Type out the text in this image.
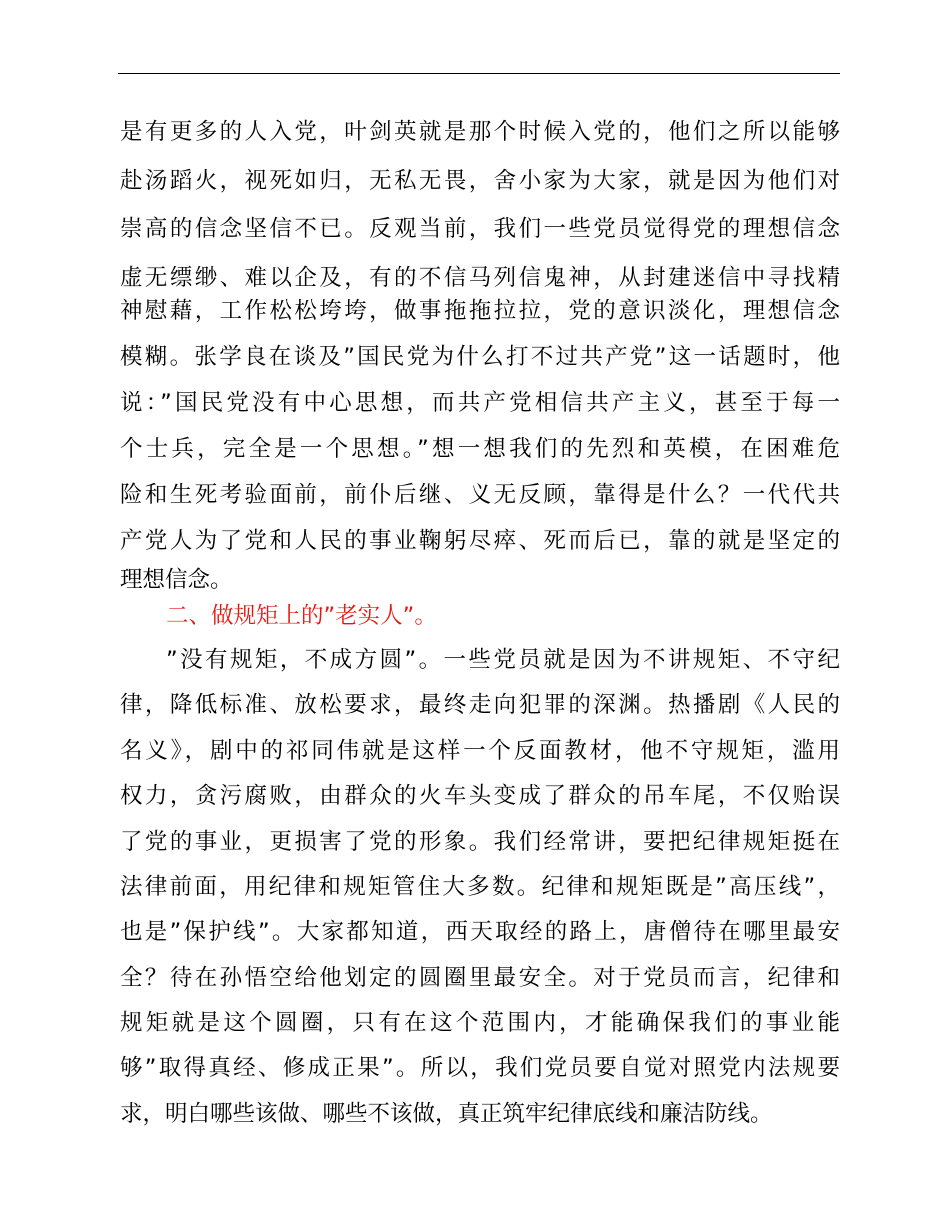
是有更多的人入党，叶剑英就是那个时候入党的，他们之所以能够
赴汤蹈火，视死如归，无私无畏，舍小家为大家，就是因为他们对
崇高的信念坚信不已。反观当前，我们一些党员觉得党的理想信念
虚无缥缈、难以企及，有的不信马列信鬼神，从封建迷信中寻找精
神慰藉，工作松松垮垮，做事拖拖拉拉，党的意识淡化，理想信念
模糊。张学良在谈及”国民党为什么打不过共产党”这一话题时，他
说：”国民党没有中心思想，而共产党相信共产主义，甚至于每一
个士兵，完全是一个思想。”想一想我们的先烈和英模，在困难危
险和生死考验面前，前仆后继、义无反顾，靠得是什么？一代代共
产党人为了党和人民的事业鞠躬尽瘁、死而后已，靠的就是坚定的
理想信念。
二、做规矩上的”老实人”。
”没有规矩，不成方圆”。一些党员就是因为不讲规矩、不守纪
律，降低标准、放松要求，最终走向犯罪的深渊。热播剧《人民的
名义》，剧中的祁同伟就是这样一个反面教材，他不守规矩，滥用
权力，贪污腐败，由群众的火车头变成了群众的吊车尾，不仅贻误
了党的事业，更损害了党的形象。我们经常讲，要把纪律规矩挺在
法律前面，用纪律和规矩管住大多数。纪律和规矩既是”高压线”，
也是”保护线”。大家都知道，西天取经的路上，唐僧待在哪里最安
全？待在孙悟空给他划定的圆圈里最安全。对于党员而言，纪律和
规矩就是这个圆圈，只有在这个范围内，才能确保我们的事业能
够”取得真经、修成正果”。所以，我们党员要自觉对照党内法规要
求，明白哪些该做、哪些不该做，真正筑牢纪律底线和廉洁防线。
